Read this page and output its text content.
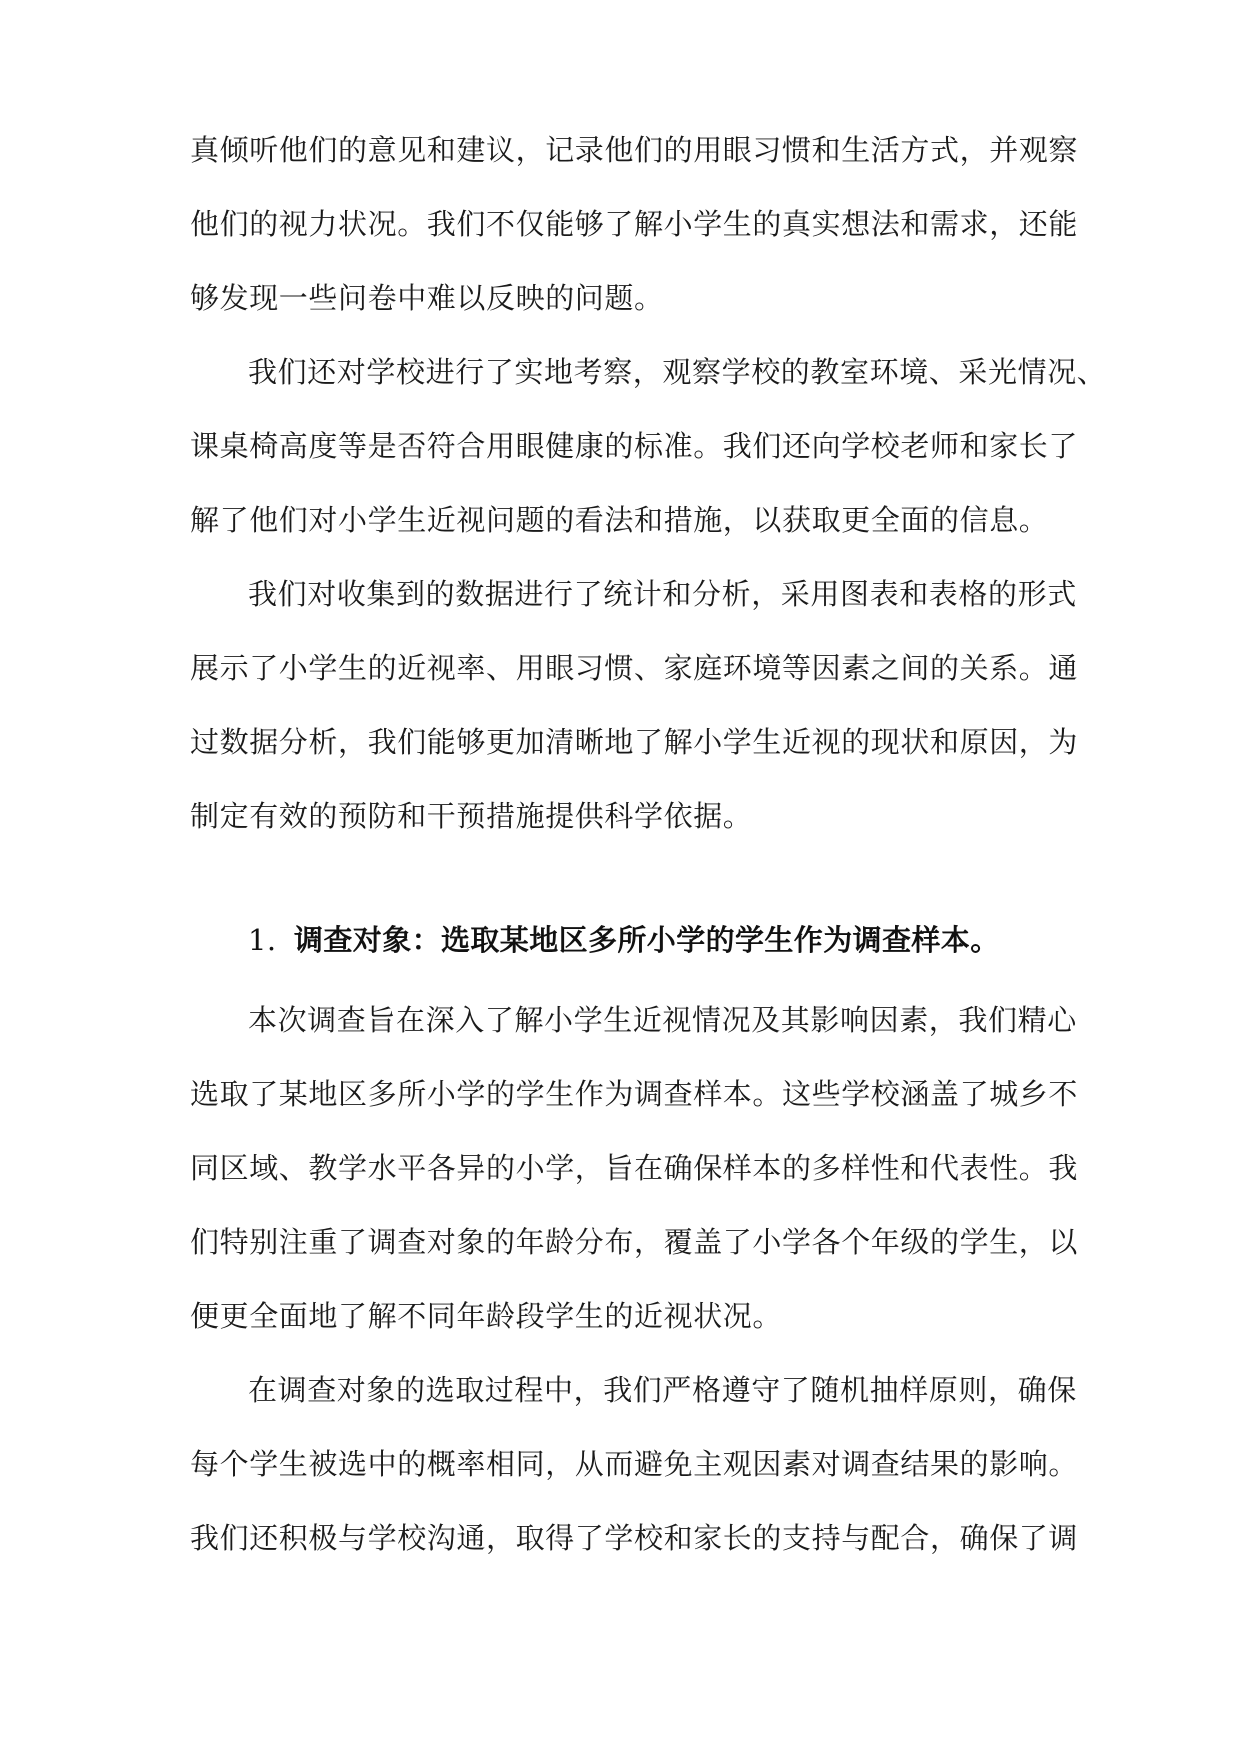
真倾听他们的意见和建议，记录他们的用眼习惯和生活方式，并观察
他们的视力状况。我们不仅能够了解小学生的真实想法和需求，还能
够发现一些问卷中难以反映的问题。
我们还对学校进行了实地考察，观察学校的教室环境、采光情况、
课桌椅高度等是否符合用眼健康的标准。我们还向学校老师和家长了
解了他们对小学生近视问题的看法和措施，以获取更全面的信息。
我们对收集到的数据进行了统计和分析，采用图表和表格的形式
展示了小学生的近视率、用眼习惯、家庭环境等因素之间的关系。通
过数据分析，我们能够更加清晰地了解小学生近视的现状和原因，为
制定有效的预防和干预措施提供科学依据。
1. 调查对象：选取某地区多所小学的学生作为调查样本。
本次调查旨在深入了解小学生近视情况及其影响因素，我们精心
选取了某地区多所小学的学生作为调查样本。这些学校涵盖了城乡不
同区域、教学水平各异的小学，旨在确保样本的多样性和代表性。我
们特别注重了调查对象的年龄分布，覆盖了小学各个年级的学生，以
便更全面地了解不同年龄段学生的近视状况。
在调查对象的选取过程中，我们严格遵守了随机抽样原则，确保
每个学生被选中的概率相同，从而避免主观因素对调查结果的影响。
我们还积极与学校沟通，取得了学校和家长的支持与配合，确保了调
